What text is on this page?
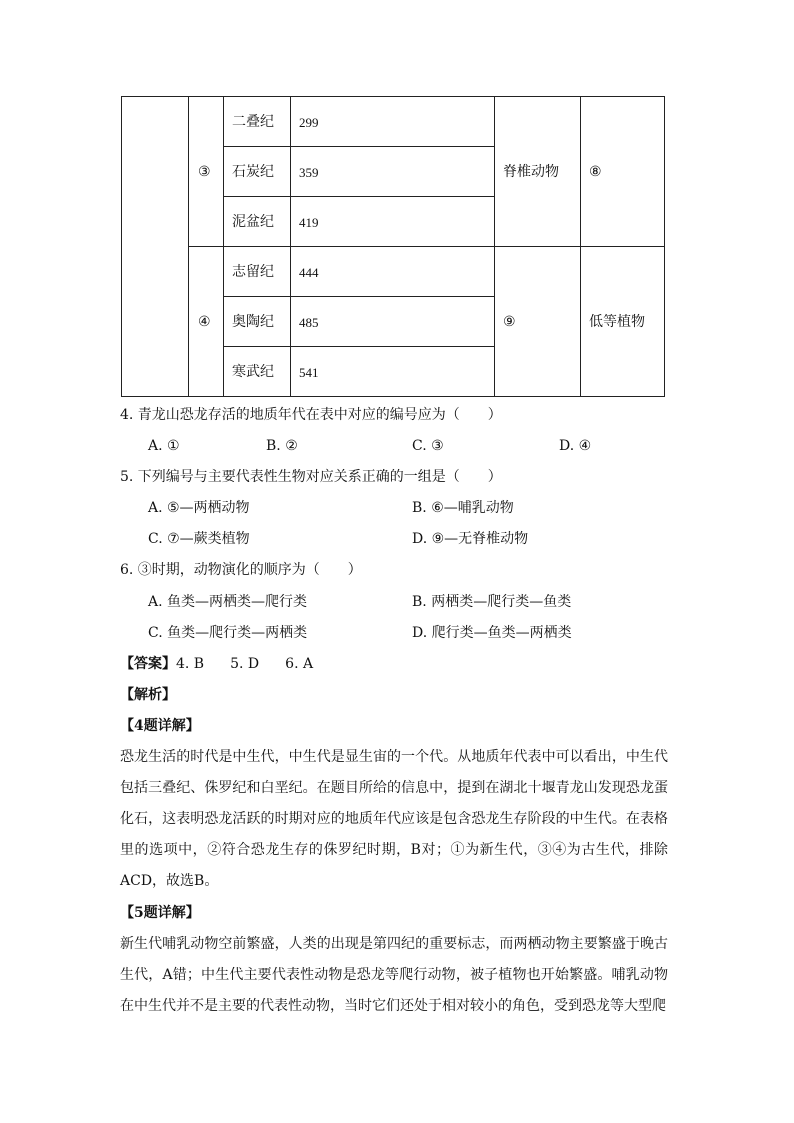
③
二叠纪 299
石炭纪 359
泥盆纪 419
脊椎动物 ⑧
④
志留纪 444
奥陶纪 485
寒武纪 541
⑨	低等植物
4. 青龙山恐龙存活的地质年代在表中对应的编号应为（　　）
A. ①	B. ②	C. ③	D. ④
5. 下列编号与主要代表性生物对应关系正确的一组是（　　）
A. ⑤—两栖动物	B. ⑥—哺乳动物
C. ⑦—蕨类植物	D. ⑨—无脊椎动物
6. ③时期，动物演化的顺序为（　　）
A. 鱼类—两栖类—爬行类	B. 两栖类—爬行类—鱼类
C. 鱼类—爬行类—两栖类	D. 爬行类—鱼类—两栖类
【答案】4. B 5. D 6. A
【解析】
【4题详解】
恐龙生活的时代是中生代，中生代是显生宙的一个代。从地质年代表中可以看出，中生代包括三叠纪、侏罗纪和白垩纪。在题目所给的信息中，提到在湖北十堰青龙山发现恐龙蛋化石，这表明恐龙活跃的时期对应的地质年代应该是包含恐龙生存阶段的中生代。在表格里的选项中，②符合恐龙生存的侏罗纪时期，B对；①为新生代，③④为古生代，排除ACD，故选B。
【5题详解】
新生代哺乳动物空前繁盛，人类的出现是第四纪的重要标志，而两栖动物主要繁盛于晚古生代，A错；中生代主要代表性动物是恐龙等爬行动物，被子植物也开始繁盛。哺乳动物在中生代并不是主要的代表性动物，当时它们还处于相对较小的角色，受到恐龙等大型爬
